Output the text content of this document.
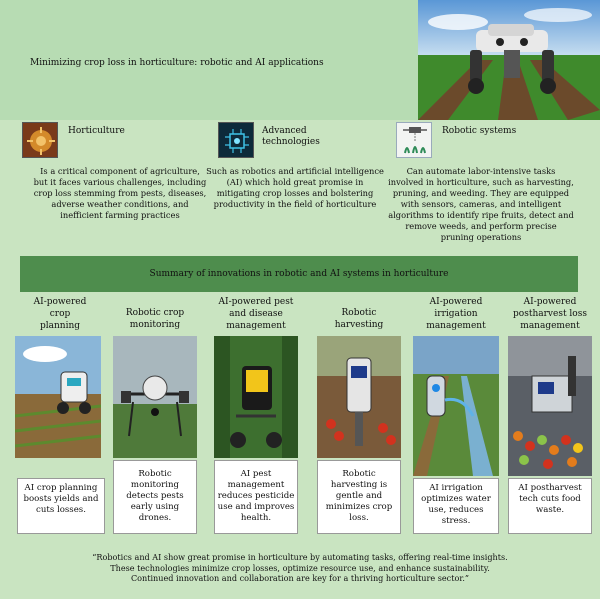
Minimizing crop loss in horticulture: robotic and AI applications
Horticulture
Is a critical component of agriculture, but it faces various challenges, including crop loss stemming from pests, diseases, adverse weather conditions, and inefficient farming practices
Advanced technologies
Such as robotics and artificial intelligence (AI) which hold great promise in mitigating crop losses and bolstering productivity in the field of horticulture
Robotic systems
Can automate labor-intensive tasks involved in horticulture, such as harvesting, pruning, and weeding. They are equipped with sensors, cameras, and intelligent algorithms to identify ripe fruits, detect and remove weeds, and perform precise pruning operations
Summary of innovations in robotic and AI systems in horticulture
AI-powered crop planning
AI crop planning boosts yields and cuts losses.
Robotic crop monitoring
Robotic monitoring detects pests early using drones.
AI-powered pest and disease management
AI pest management reduces pesticide use and improves health.
Robotic harvesting
Robotic harvesting is gentle and minimizes crop loss.
AI-powered irrigation management
AI irrigation optimizes water use, reduces stress.
AI-powered postharvest loss management
AI postharvest tech cuts food waste.
“Robotics and AI show great promise in horticulture by automating tasks, offering real-time insights.
These technologies minimize crop losses, optimize resource use, and enhance sustainability.
Continued innovation and collaboration are key for a thriving horticulture sector.”
